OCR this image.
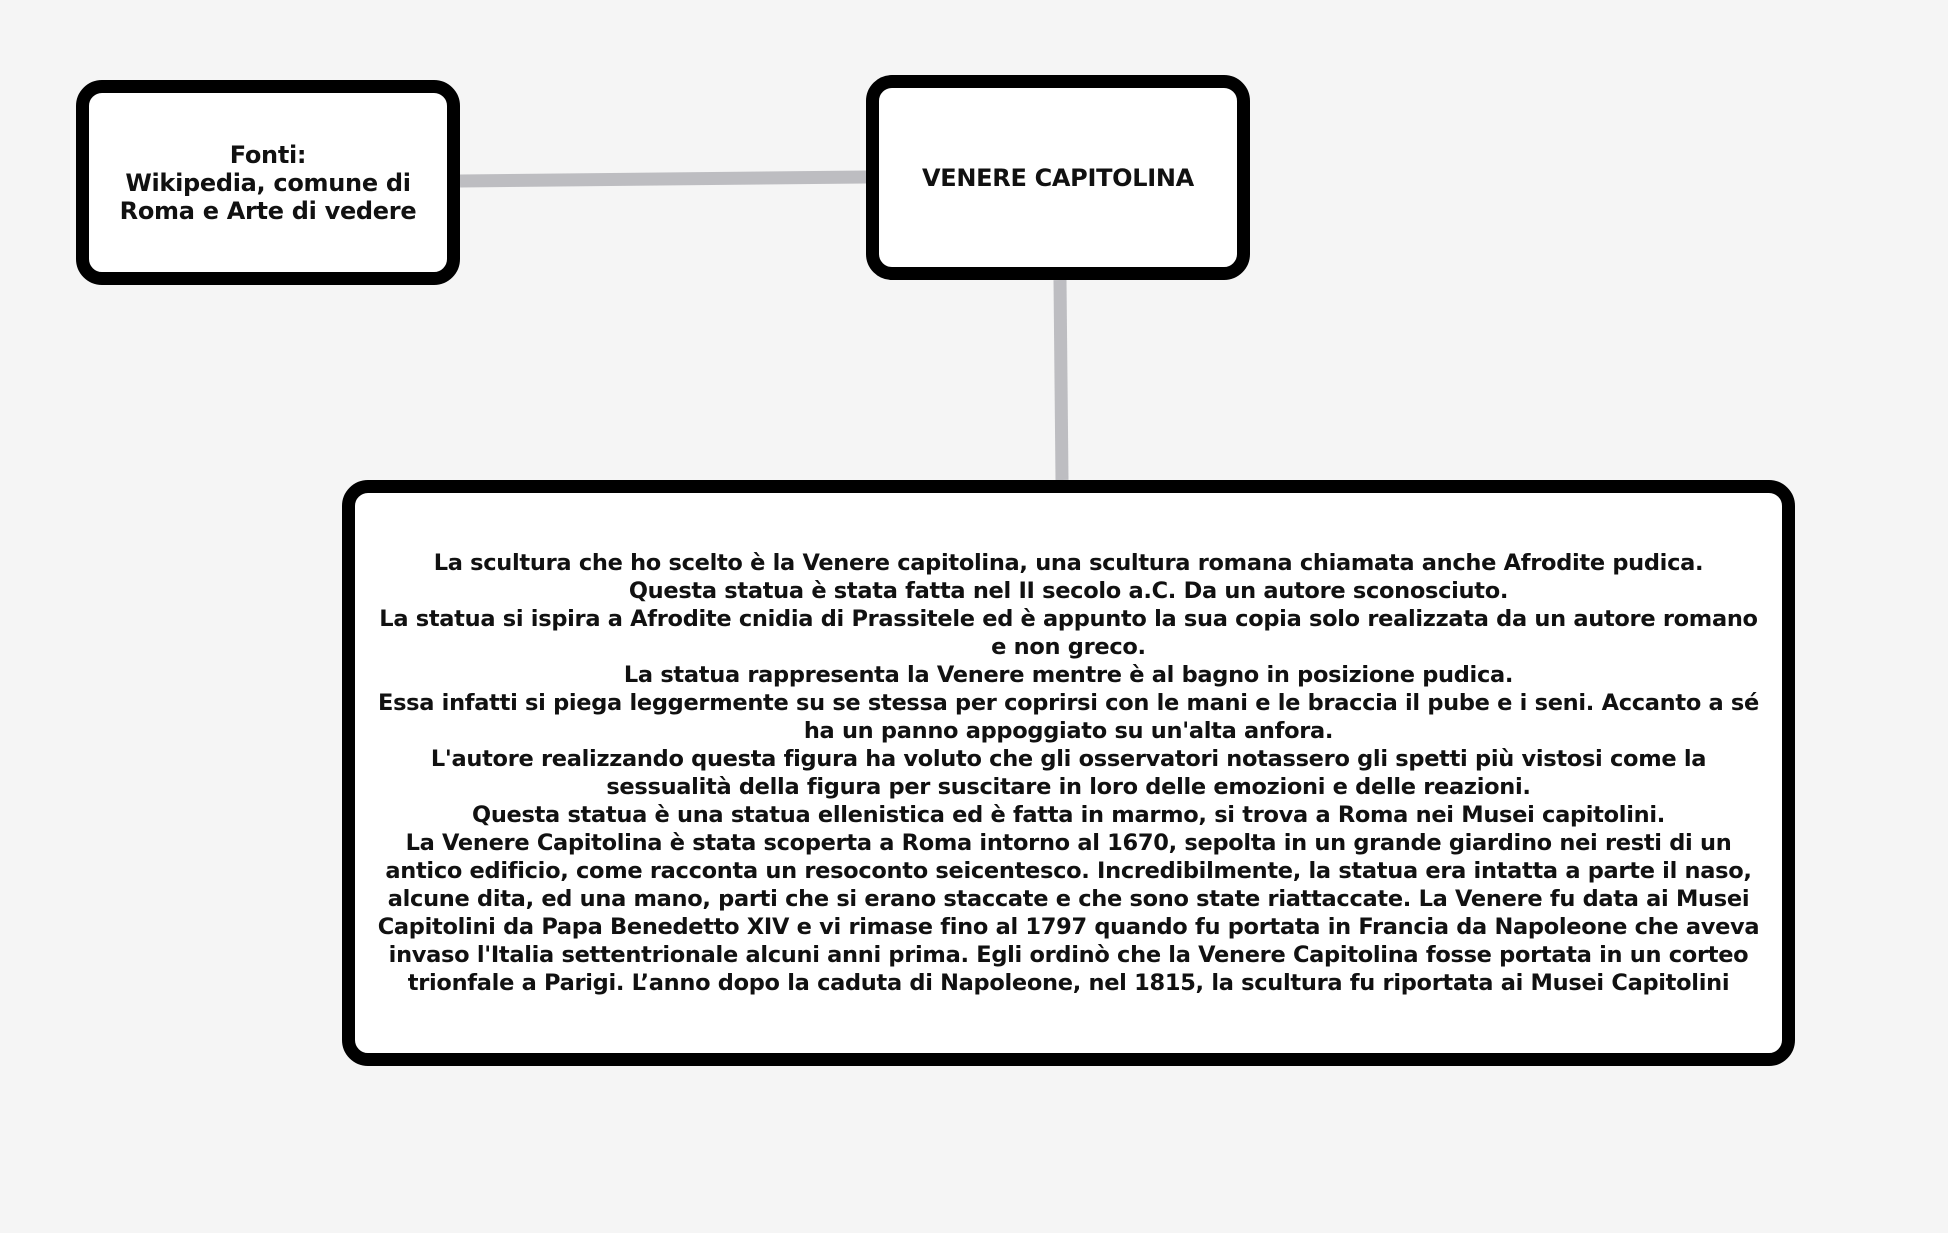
Fonti:
Wikipedia, comune di
Roma e Arte di vedere
VENERE CAPITOLINA

La scultura che ho scelto è la Venere capitolina, una scultura romana chiamata anche Afrodite pudica.

Questa statua è stata fatta nel II secolo a.C. Da un autore sconosciuto.

La statua si ispira a Afrodite cnidia di Prassitele ed è appunto la sua copia solo realizzata da un autore romano e non greco.

La statua rappresenta la Venere mentre è al bagno in posizione pudica.

Essa infatti si piega leggermente su se stessa per coprirsi con le mani e le braccia il pube e i seni. Accanto a sé ha un panno appoggiato su un'alta anfora.

L'autore realizzando questa figura ha voluto che gli osservatori notassero gli spetti più vistosi come la sessualità della figura per suscitare in loro delle emozioni e delle reazioni.

Questa statua è una statua ellenistica ed è fatta in marmo, si trova a Roma nei Musei capitolini.

La Venere Capitolina è stata scoperta a Roma intorno al 1670, sepolta in un grande giardino nei resti di un antico edificio, come racconta un resoconto seicentesco. Incredibilmente, la statua era intatta a parte il naso, alcune dita, ed una mano, parti che si erano staccate e che sono state riattaccate. La Venere fu data ai Musei Capitolini da Papa Benedetto XIV e vi rimase fino al 1797 quando fu portata in Francia da Napoleone che aveva invaso l'Italia settentrionale alcuni anni prima. Egli ordinò che la Venere Capitolina fosse portata in un corteo trionfale a Parigi. L’anno dopo la caduta di Napoleone, nel 1815, la scultura fu riportata ai Musei Capitolini
